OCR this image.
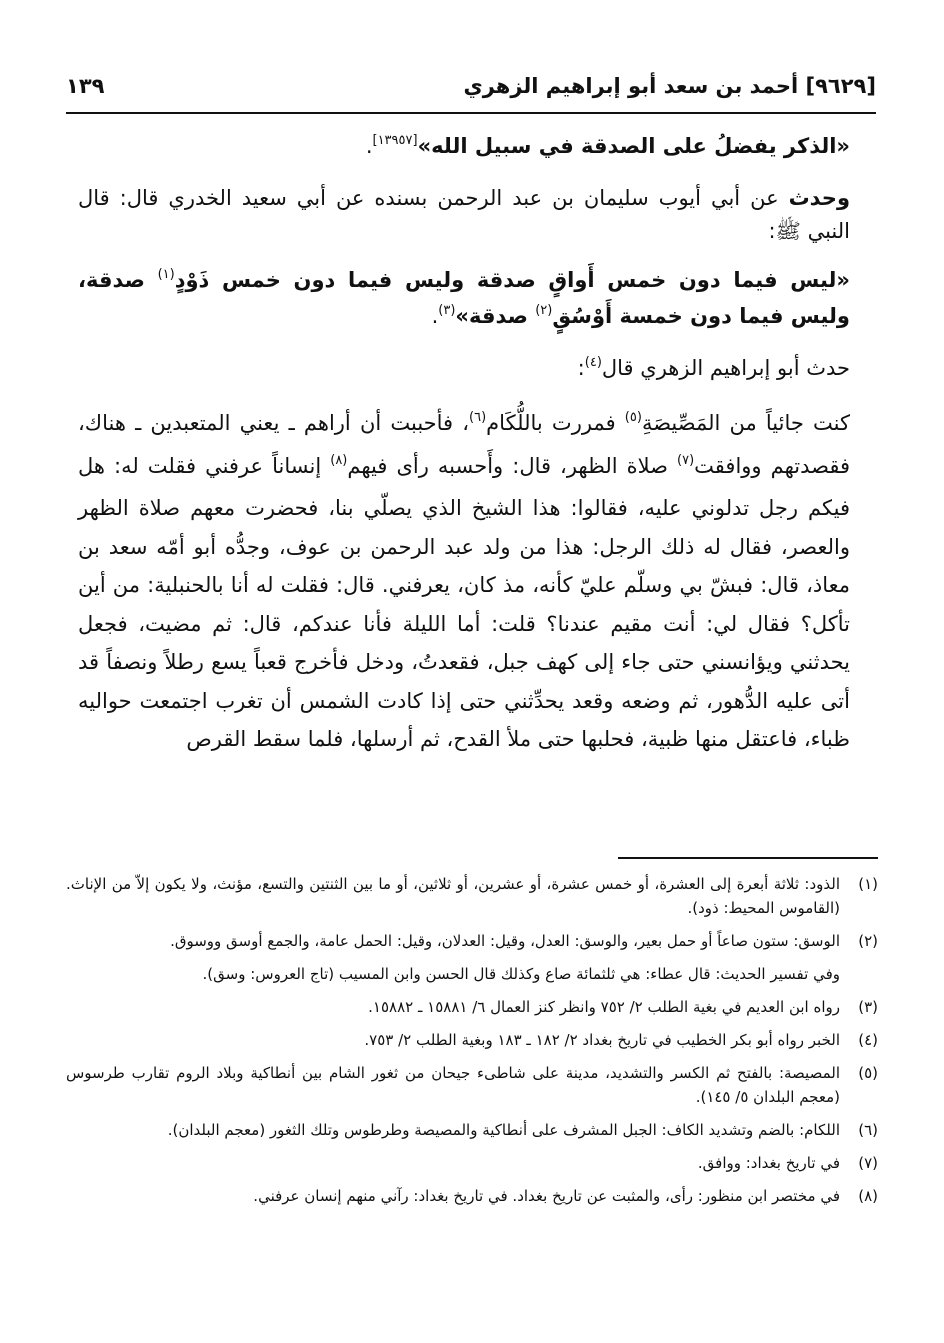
[٩٦٢٩] أحمد بن سعد أبو إبراهيم الزهري
١٣٩

«الذكر يفضلُ على الصدقة في سبيل الله»[١٣٩٥٧].

وحدث عن أبي أيوب سليمان بن عبد الرحمن بسنده عن أبي سعيد الخدري قال: قال النبي ﷺ:

«ليس فيما دون خمس أَواقٍ صدقة وليس فيما دون خمس ذَوْدٍ$^{(١)}$ صدقة، وليس فيما دون خمسة أَوْسُقٍ$^{(٢)}$ صدقة»$^{(٣)}$.

حدث أبو إبراهيم الزهري قال$^{(٤)}$:

كنت جائياً من المَصِّيصَةِ$^{(٥)}$ فمررت باللُّكَام$^{(٦)}$، فأحببت أن أراهم ـ يعني المتعبدين ـ هناك، فقصدتهم ووافقت$^{(٧)}$ صلاة الظهر، قال: وأَحسبه رأى فيهم$^{(٨)}$ إنساناً عرفني فقلت له: هل فيكم رجل تدلوني عليه، فقالوا: هذا الشيخ الذي يصلّي بنا، فحضرت معهم صلاة الظهر والعصر، فقال له ذلك الرجل: هذا من ولد عبد الرحمن بن عوف، وجدُّه أبو أمّه سعد بن معاذ، قال: فبشّ بي وسلّم عليّ كأنه، مذ كان، يعرفني. قال: فقلت له أنا بالحنبلية: من أين تأكل؟ فقال لي: أنت مقيم عندنا؟ قلت: أما الليلة فأنا عندكم، قال: ثم مضيت، فجعل يحدثني ويؤانسني حتى جاء إلى كهف جبل، فقعدتُ، ودخل فأخرج قعباً يسع رطلاً ونصفاً قد أتى عليه الدُّهور، ثم وضعه وقعد يحدِّثني حتى إذا كادت الشمس أن تغرب اجتمعت حواليه ظباء، فاعتقل منها ظبية، فحلبها حتى ملأ القدح، ثم أرسلها، فلما سقط القرص

(١)
الذود: ثلاثة أبعرة إلى العشرة، أو خمس عشرة، أو عشرين، أو ثلاثين، أو ما بين الثنتين والتسع، مؤنث، ولا يكون إلاّ من الإناث. (القاموس المحيط: ذود).
(٢)
الوسق: ستون صاعاً أو حمل بعير، والوسق: العدل، وقيل: العدلان، وقيل: الحمل عامة، والجمع أوسق ووسوق.
وفي تفسير الحديث: قال عطاء: هي ثلثمائة صاع وكذلك قال الحسن وابن المسيب (تاج العروس: وسق).
(٣)
رواه ابن العديم في بغية الطلب ٢/ ٧٥٢ وانظر كنز العمال ٦/ ١٥٨٨١ ـ ١٥٨٨٢.
(٤)
الخبر رواه أبو بكر الخطيب في تاريخ بغداد ٢/ ١٨٢ ـ ١٨٣ وبغية الطلب ٢/ ٧٥٣.
(٥)
المصيصة: بالفتح ثم الكسر والتشديد، مدينة على شاطىء جيحان من ثغور الشام بين أنطاكية وبلاد الروم تقارب طرسوس (معجم البلدان ٥/ ١٤٥).
(٦)
اللكام: بالضم وتشديد الكاف: الجبل المشرف على أنطاكية والمصيصة وطرطوس وتلك الثغور (معجم البلدان).
(٧)
في تاريخ بغداد: ووافق.
(٨)
في مختصر ابن منظور: رأى، والمثبت عن تاريخ بغداد. في تاريخ بغداد: رآني منهم إنسان عرفني.
